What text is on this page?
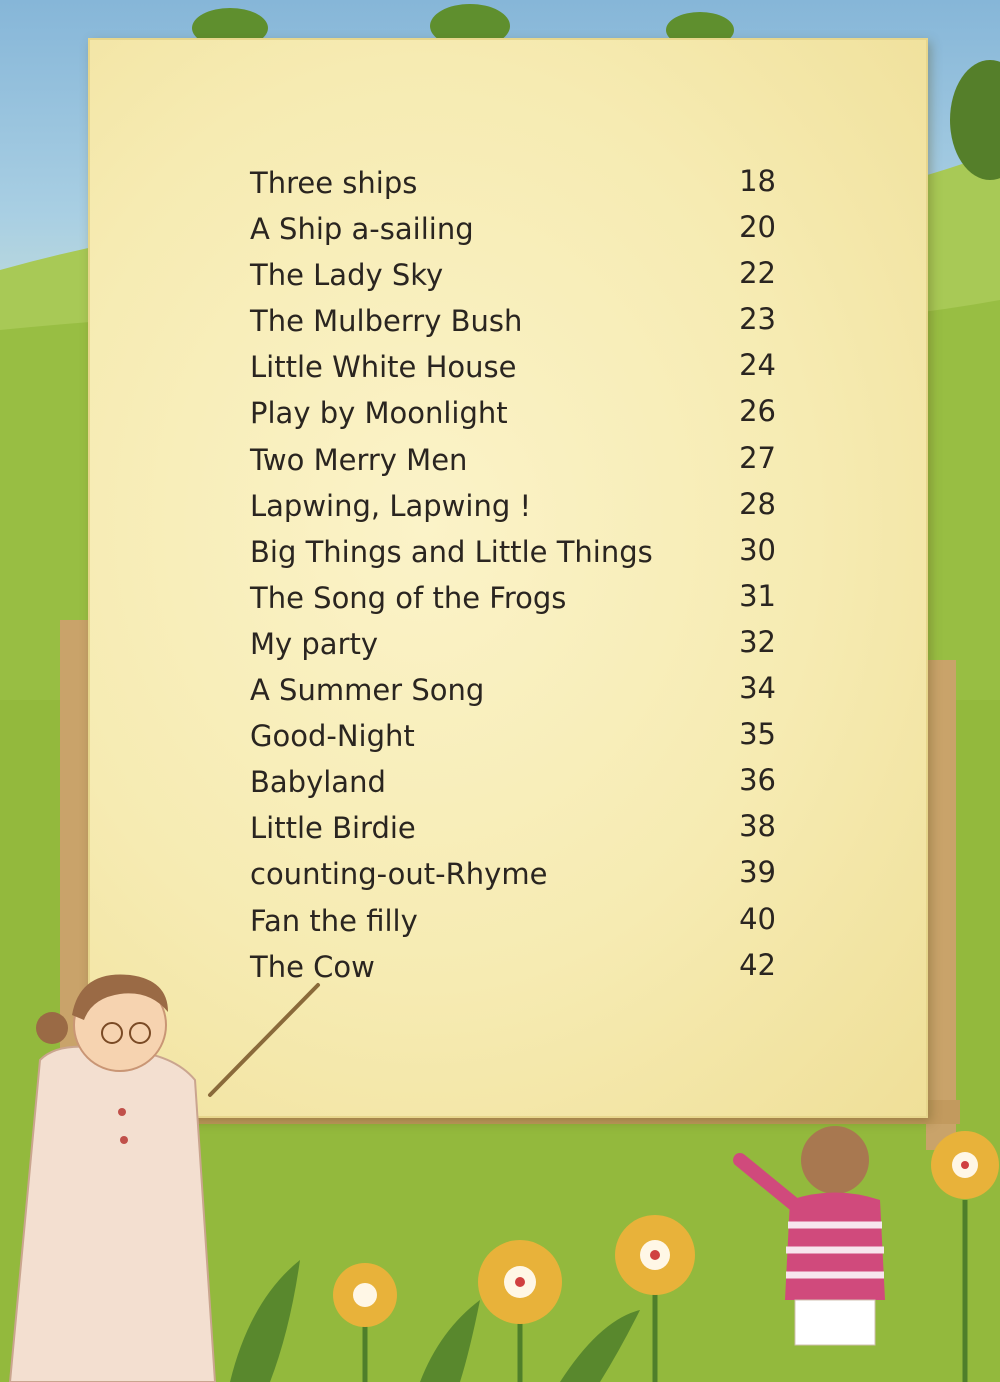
Three ships	18
A Ship a-sailing	20
The Lady Sky	22
The Mulberry Bush	23
Little White House	24
Play by Moonlight	26
Two Merry Men	27
Lapwing, Lapwing !	28
Big Things and Little Things	30
The Song of the Frogs	31
My party	32
A Summer Song	34
Good-Night	35
Babyland	36
Little Birdie	38
counting-out-Rhyme	39
Fan the filly	40
The Cow	42
